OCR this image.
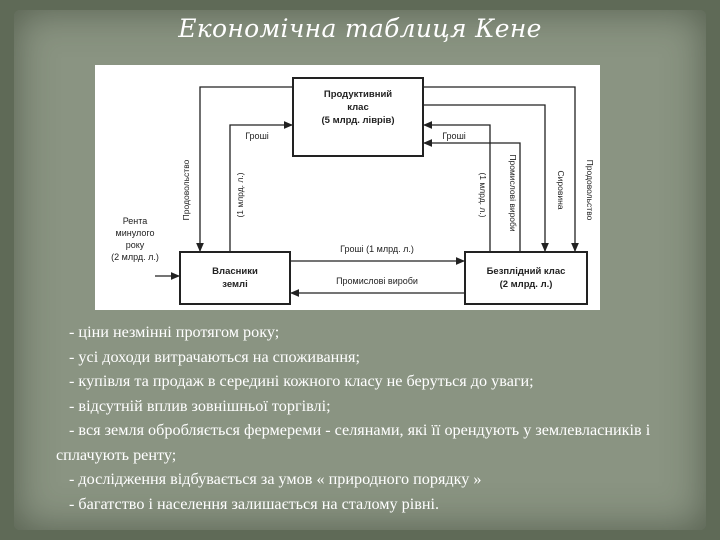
Економічна таблиця Кене
Продуктивний
клас
(5 млрд. ліврів)
Власники
землі
Безплідний клас
(2 млрд. л.)
Рента
минулого
року
(2 млрд. л.)
Гроші	Гроші
Продовольство	(1 млрд. л.)	(1 млрд. л.) Промислові вироби	Сировина Продовольство
Гроші (1 млрд. л.)
Промислові вироби
- ціни незмінні протягом року;
- усі доходи витрачаються на споживання;
- купівля та продаж в середині кожного класу не беруться до уваги;
- відсутній вплив зовнішньої торгівлі;
- вся земля обробляється фермереми - селянами, які її орендують у землевласників і сплачують ренту;
- дослідження відбувається за умов « природного порядку »
- багатство і населення залишається на сталому рівні.
